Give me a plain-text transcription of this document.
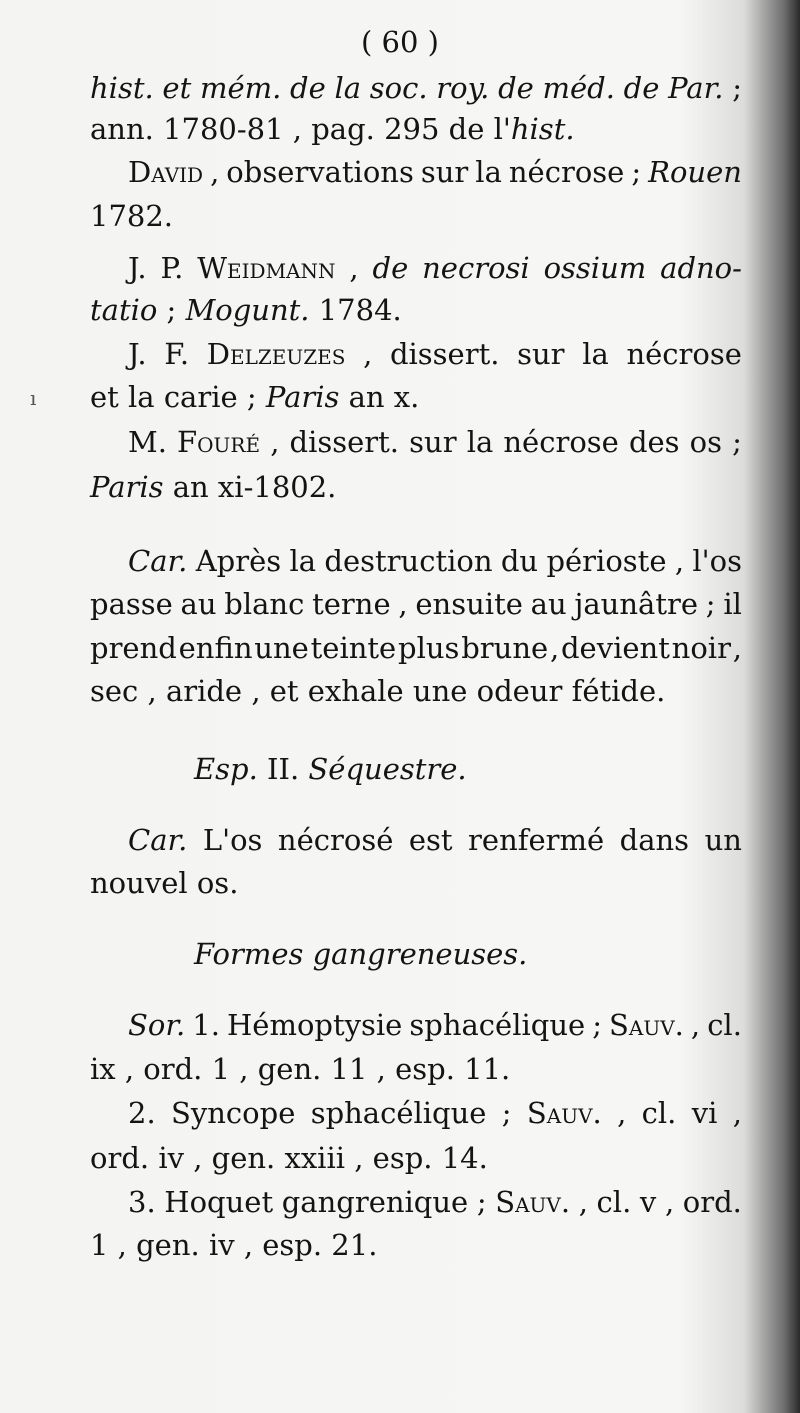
( 60 )
hist. et mém. de la soc. roy. de méd. de Par. ;
ann. 1780-81 , pag. 295 de l'hist.
David , observations sur la nécrose ; Rouen
1782.
J. P. Weidmann , de necrosi ossium adno-
tatio ; Mogunt. 1784.
J. F. Delzeuzes , dissert. sur la nécrose
et la carie ; Paris an x.
M. Fouré , dissert. sur la nécrose des os ;
Paris an xi-1802.
Car. Après la destruction du périoste , l'os
passe au blanc terne , ensuite au jaunâtre ; il
prend enfin une teinte plus brune , devient noir ,
sec , aride , et exhale une odeur fétide.
Esp. II. Séquestre.
Car. L'os nécrosé est renfermé dans un
nouvel os.
Formes gangreneuses.
Sor. 1. Hémoptysie sphacélique ; Sauv. , cl.
ix , ord. 1 , gen. 11 , esp. 11.
2. Syncope sphacélique ; Sauv. , cl. vi ,
ord. iv , gen. xxiii , esp. 14.
3. Hoquet gangrenique ; Sauv. , cl. v , ord.
1 , gen. iv , esp. 21.
ı
